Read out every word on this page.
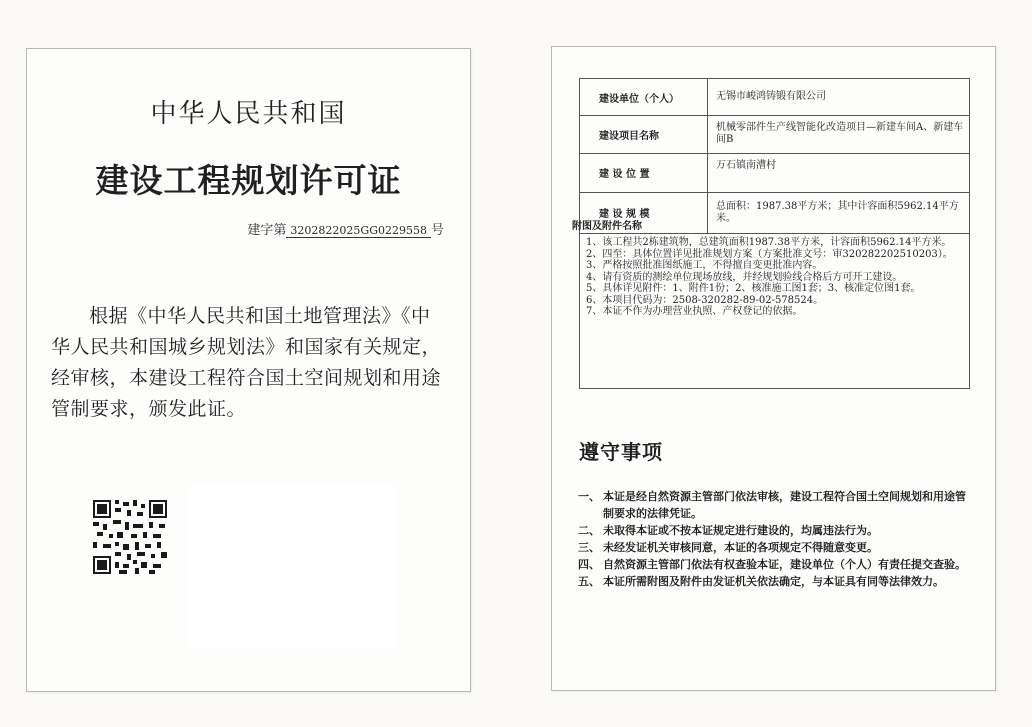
中华人民共和国
建设工程规划许可证
建字第 3202822025GG0229558 号
根据《中华人民共和国土地管理法》《中华人民共和国城乡规划法》和国家有关规定，经审核，本建设工程符合国土空间规划和用途管制要求，颁发此证。
建设单位（个人）	无锡市峻鸿铸锻有限公司
建设项目名称
机械零部件生产线智能化改造项目—新建车间A、新建车间B
建 设 位 置
万石镇南漕村
建 设 规 模
总面积：1987.38平方米；其中计容面积5962.14平方米。
附图及附件名称
1、该工程共2栋建筑物，总建筑面积1987.38平方米，计容面积5962.14平方米。
2、四至：具体位置详见批准规划方案（方案批准文号：审320282202510203）。
3、严格按照批准图纸施工，不得擅自变更批准内容。
4、请有资质的测绘单位现场放线，并经规划验线合格后方可开工建设。
5、具体详见附件：1、附件1份；2、核准施工图1套；3、核准定位图1套。
6、本项目代码为：2508-320282-89-02-578524。
7、本证不作为办理营业执照、产权登记的依据。
遵守事项
一、 本证是经自然资源主管部门依法审核，建设工程符合国土空间规划和用途管制要求的法律凭证。
二、 未取得本证或不按本证规定进行建设的，均属违法行为。
三、 未经发证机关审核同意，本证的各项规定不得随意变更。
四、 自然资源主管部门依法有权查验本证，建设单位（个人）有责任提交查验。
五、 本证所需附图及附件由发证机关依法确定，与本证具有同等法律效力。
